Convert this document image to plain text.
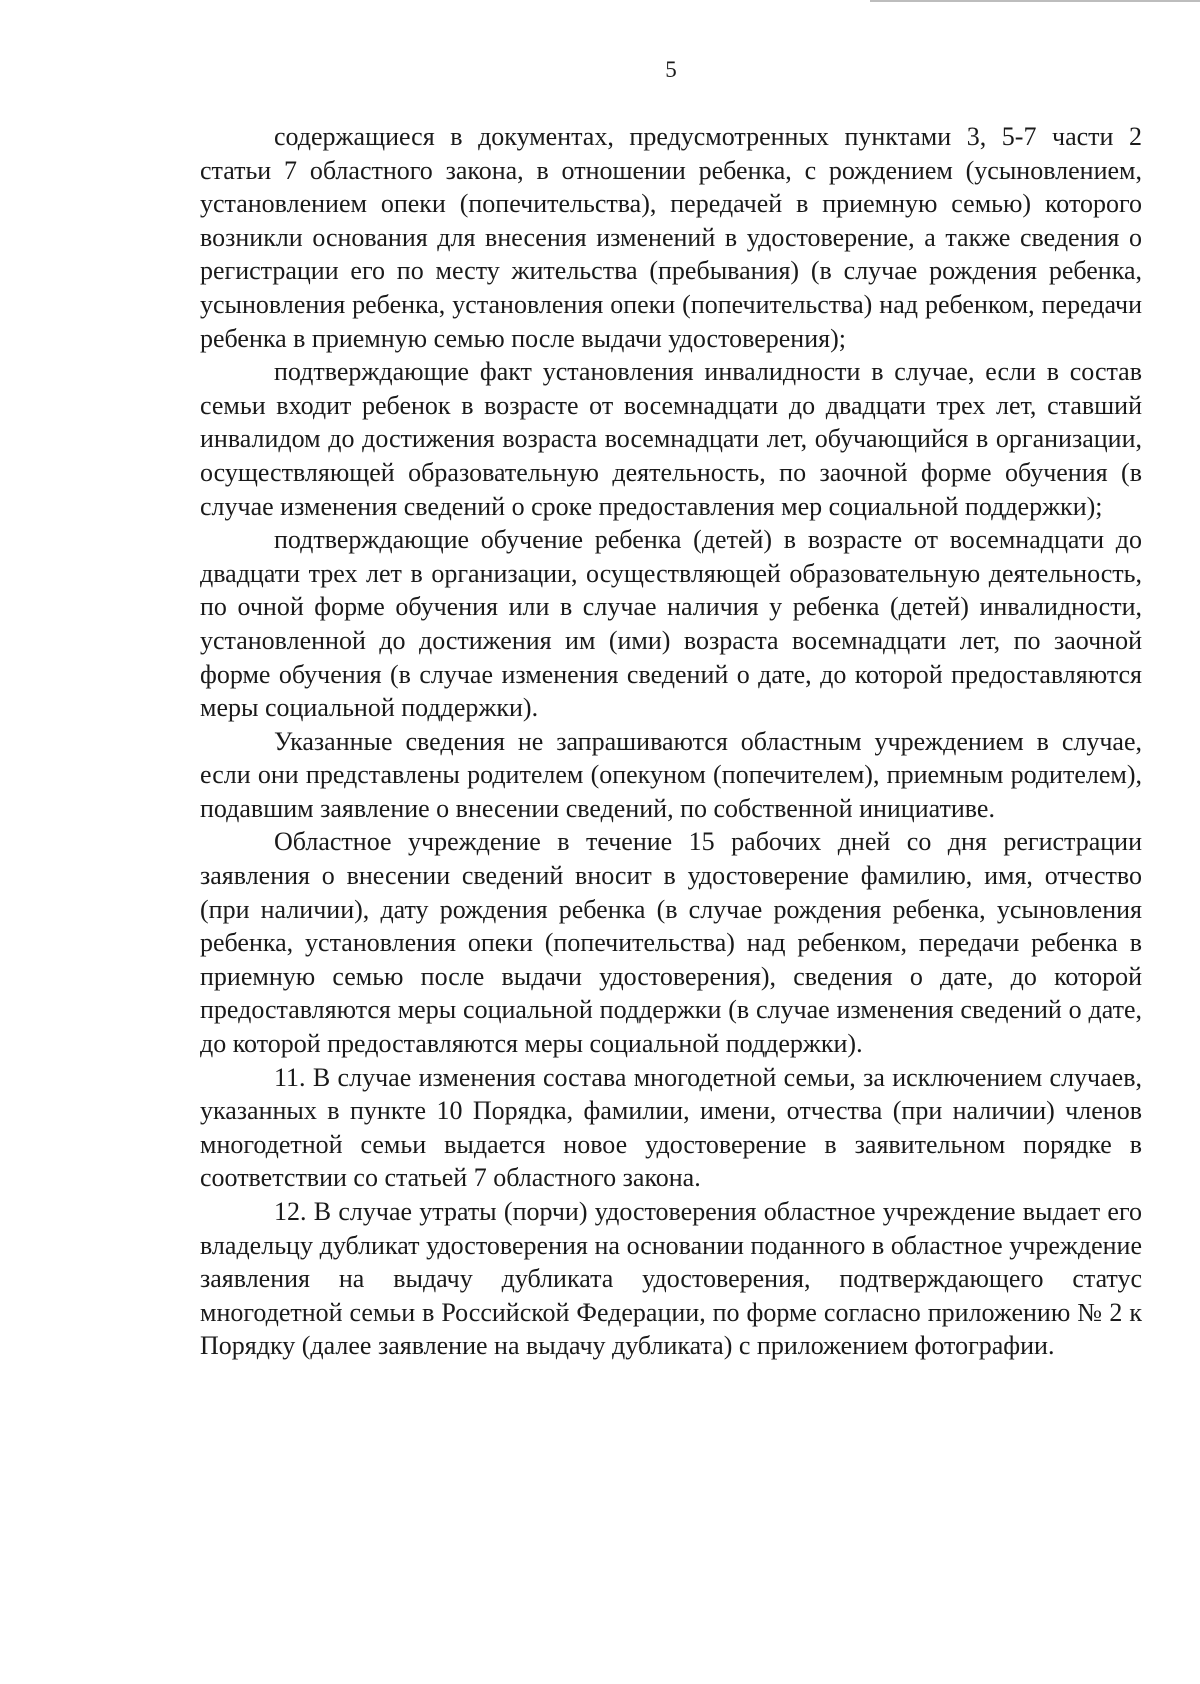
5

содержащиеся в документах, предусмотренных пунктами 3, 5-7 части 2 статьи 7 областного закона, в отношении ребенка, с рождением (усыновлением, установлением опеки (попечительства), передачей в приемную семью) которого возникли основания для внесения изменений в удостоверение, а также сведения о регистрации его по месту жительства (пребывания) (в случае рождения ребенка, усыновления ребенка, установления опеки (попечительства) над ребенком, передачи ребенка в приемную семью после выдачи удостоверения);

подтверждающие факт установления инвалидности в случае, если в состав семьи входит ребенок в возрасте от восемнадцати до двадцати трех лет, ставший инвалидом до достижения возраста восемнадцати лет, обучающийся в организации, осуществляющей образовательную деятельность, по заочной форме обучения (в случае изменения сведений о сроке предоставления мер социальной поддержки);

подтверждающие обучение ребенка (детей) в возрасте от восемнадцати до двадцати трех лет в организации, осуществляющей образовательную деятельность, по очной форме обучения или в случае наличия у ребенка (детей) инвалидности, установленной до достижения им (ими) возраста восемнадцати лет, по заочной форме обучения (в случае изменения сведений о дате, до которой предоставляются меры социальной поддержки).

Указанные сведения не запрашиваются областным учреждением в случае, если они представлены родителем (опекуном (попечителем), приемным родителем), подавшим заявление о внесении сведений, по собственной инициативе.

Областное учреждение в течение 15 рабочих дней со дня регистрации заявления о внесении сведений вносит в удостоверение фамилию, имя, отчество (при наличии), дату рождения ребенка (в случае рождения ребенка, усыновления ребенка, установления опеки (попечительства) над ребенком, передачи ребенка в приемную семью после выдачи удостоверения), сведения о дате, до которой предоставляются меры социальной поддержки (в случае изменения сведений о дате, до которой предоставляются меры социальной поддержки).

11. В случае изменения состава многодетной семьи, за исключением случаев, указанных в пункте 10 Порядка, фамилии, имени, отчества (при наличии) членов многодетной семьи выдается новое удостоверение в заявительном порядке в соответствии со статьей 7 областного закона.

12. В случае утраты (порчи) удостоверения областное учреждение выдает его владельцу дубликат удостоверения на основании поданного в областное учреждение заявления на выдачу дубликата удостоверения, подтверждающего статус многодетной семьи в Российской Федерации, по форме согласно приложению № 2 к Порядку (далее заявление на выдачу дубликата) с приложением фотографии.
